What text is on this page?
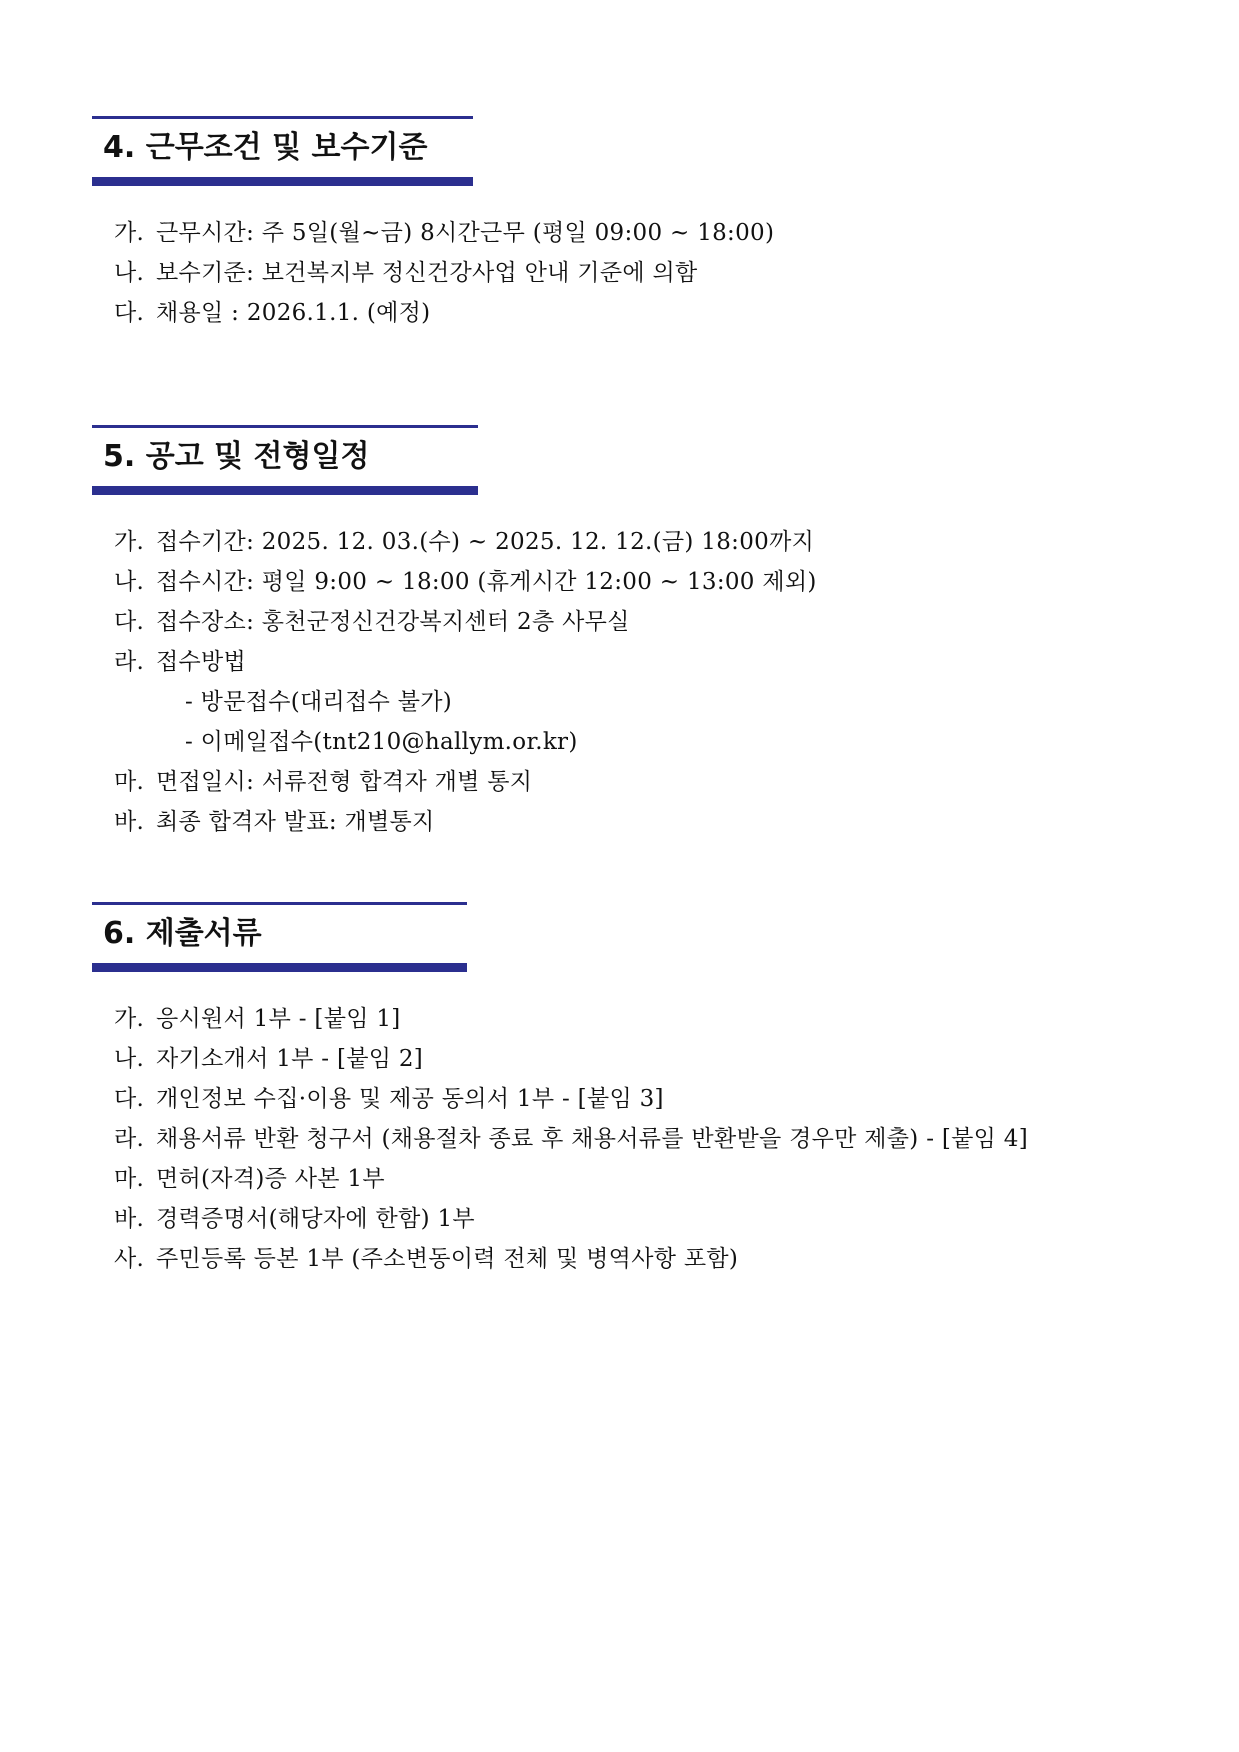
4. 근무조건 및 보수기준
가. 근무시간: 주 5일(월~금) 8시간근무 (평일 09:00 ~ 18:00)
나. 보수기준: 보건복지부 정신건강사업 안내 기준에 의함
다. 채용일 : 2026.1.1. (예정)
5. 공고 및 전형일정
가. 접수기간: 2025. 12. 03.(수) ~ 2025. 12. 12.(금) 18:00까지
나. 접수시간: 평일 9:00 ~ 18:00 (휴게시간 12:00 ~ 13:00 제외)
다. 접수장소: 홍천군정신건강복지센터 2층 사무실
라. 접수방법
- 방문접수(대리접수 불가)
- 이메일접수(tnt210@hallym.or.kr)
마. 면접일시: 서류전형 합격자 개별 통지
바. 최종 합격자 발표: 개별통지
6. 제출서류
가. 응시원서 1부 - [붙임 1]
나. 자기소개서 1부 - [붙임 2]
다. 개인정보 수집·이용 및 제공 동의서 1부 - [붙임 3]
라. 채용서류 반환 청구서 (채용절차 종료 후 채용서류를 반환받을 경우만 제출) - [붙임 4]
마. 면허(자격)증 사본 1부
바. 경력증명서(해당자에 한함) 1부
사. 주민등록 등본 1부 (주소변동이력 전체 및 병역사항 포함)
